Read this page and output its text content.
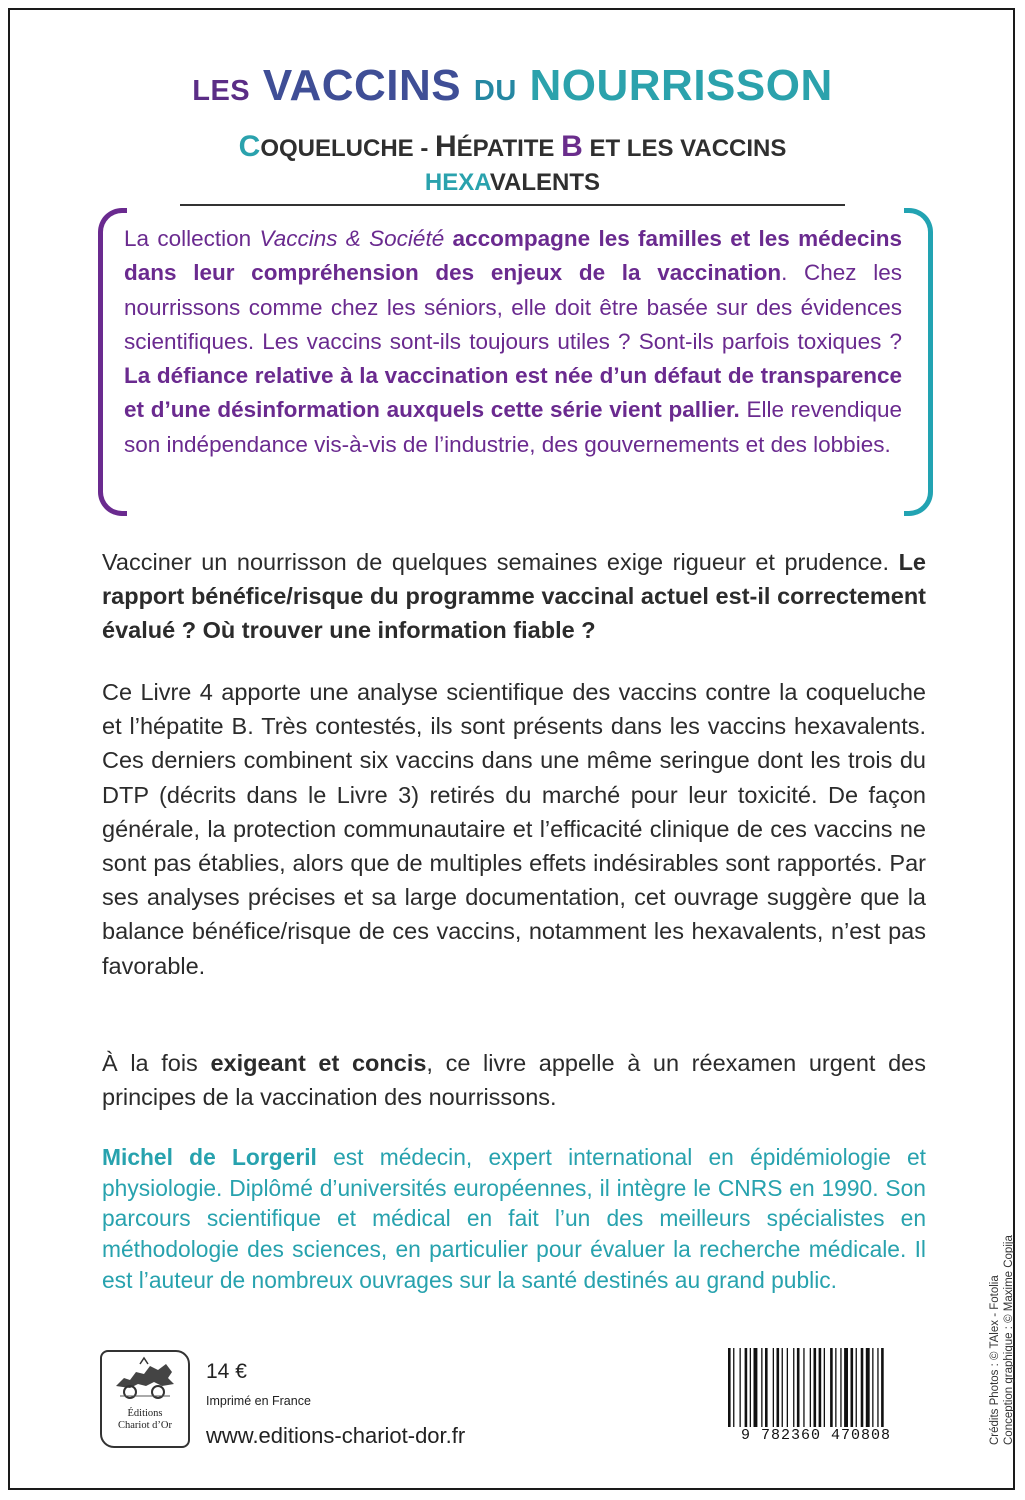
LES VACCINS DU NOURRISSON
COQUELUCHE - HÉPATITE B ET LES VACCINS HEXAVALENTS
La collection Vaccins & Société accompagne les familles et les médecins dans leur compréhension des enjeux de la vaccination. Chez les nourrissons comme chez les séniors, elle doit être basée sur des évidences scientifiques. Les vaccins sont-ils toujours utiles ? Sont-ils parfois toxiques ? La défiance relative à la vaccination est née d’un défaut de transparence et d’une désinformation auxquels cette série vient pallier. Elle revendique son indépendance vis-à-vis de l’industrie, des gouvernements et des lobbies.
Vacciner un nourrisson de quelques semaines exige rigueur et prudence. Le rapport bénéfice/risque du programme vaccinal actuel est-il correctement évalué ? Où trouver une information fiable ?
Ce Livre 4 apporte une analyse scientifique des vaccins contre la coqueluche et l’hépatite B. Très contestés, ils sont présents dans les vaccins hexavalents. Ces derniers combinent six vaccins dans une même seringue dont les trois du DTP (décrits dans le Livre 3) retirés du marché pour leur toxicité. De façon générale, la protection communautaire et l’efficacité clinique de ces vaccins ne sont pas établies, alors que de multiples effets indésirables sont rapportés. Par ses analyses précises et sa large documentation, cet ouvrage suggère que la balance bénéfice/risque de ces vaccins, notamment les hexavalents, n’est pas favorable.
À la fois exigeant et concis, ce livre appelle à un réexamen urgent des principes de la vaccination des nourrissons.
Michel de Lorgeril est médecin, expert international en épidémiologie et physiologie. Diplômé d’universités européennes, il intègre le CNRS en 1990. Son parcours scientifique et médical en fait l’un des meilleurs spécialistes en méthodologie des sciences, en particulier pour évaluer la recherche médicale. Il est l’auteur de nombreux ouvrages sur la santé destinés au grand public.
Éditions
Chariot d’Or
14 €
Imprimé en France
www.editions-chariot-dor.fr	9 782360 470808	Crédits Photos : © TAlex - Fotolia Conception graphique : © Maxime Copija
